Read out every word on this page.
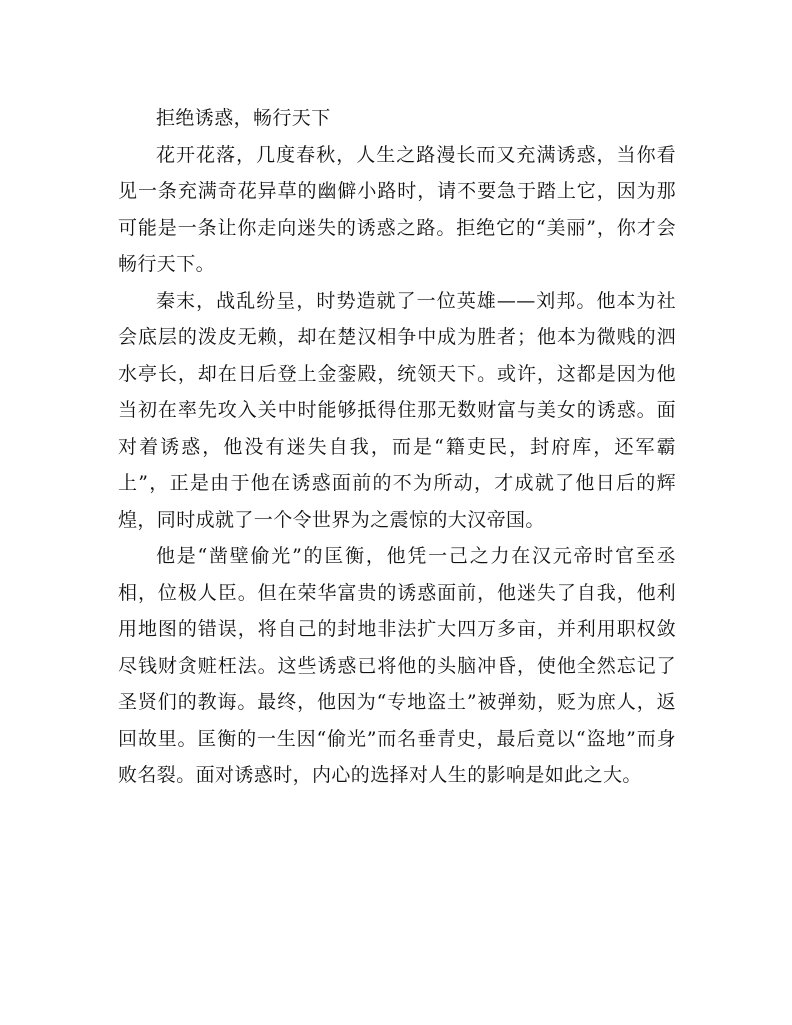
拒绝诱惑，畅行天下

花开花落，几度春秋，人生之路漫长而又充满诱惑，当你看见一条充满奇花异草的幽僻小路时，请不要急于踏上它，因为那可能是一条让你走向迷失的诱惑之路。拒绝它的“美丽”，你才会畅行天下。

秦末，战乱纷呈，时势造就了一位英雄——刘邦。他本为社会底层的泼皮无赖，却在楚汉相争中成为胜者；他本为微贱的泗水亭长，却在日后登上金銮殿，统领天下。或许，这都是因为他当初在率先攻入关中时能够抵得住那无数财富与美女的诱惑。面对着诱惑，他没有迷失自我，而是“籍吏民，封府库，还军霸上”，正是由于他在诱惑面前的不为所动，才成就了他日后的辉煌，同时成就了一个令世界为之震惊的大汉帝国。

他是“凿壁偷光”的匡衡，他凭一己之力在汉元帝时官至丞相，位极人臣。但在荣华富贵的诱惑面前，他迷失了自我，他利用地图的错误，将自己的封地非法扩大四万多亩，并利用职权敛尽钱财贪赃枉法。这些诱惑已将他的头脑冲昏，使他全然忘记了圣贤们的教诲。最终，他因为“专地盗土”被弹劾，贬为庶人，返回故里。匡衡的一生因“偷光”而名垂青史，最后竟以“盗地”而身败名裂。面对诱惑时，内心的选择对人生的影响是如此之大。
